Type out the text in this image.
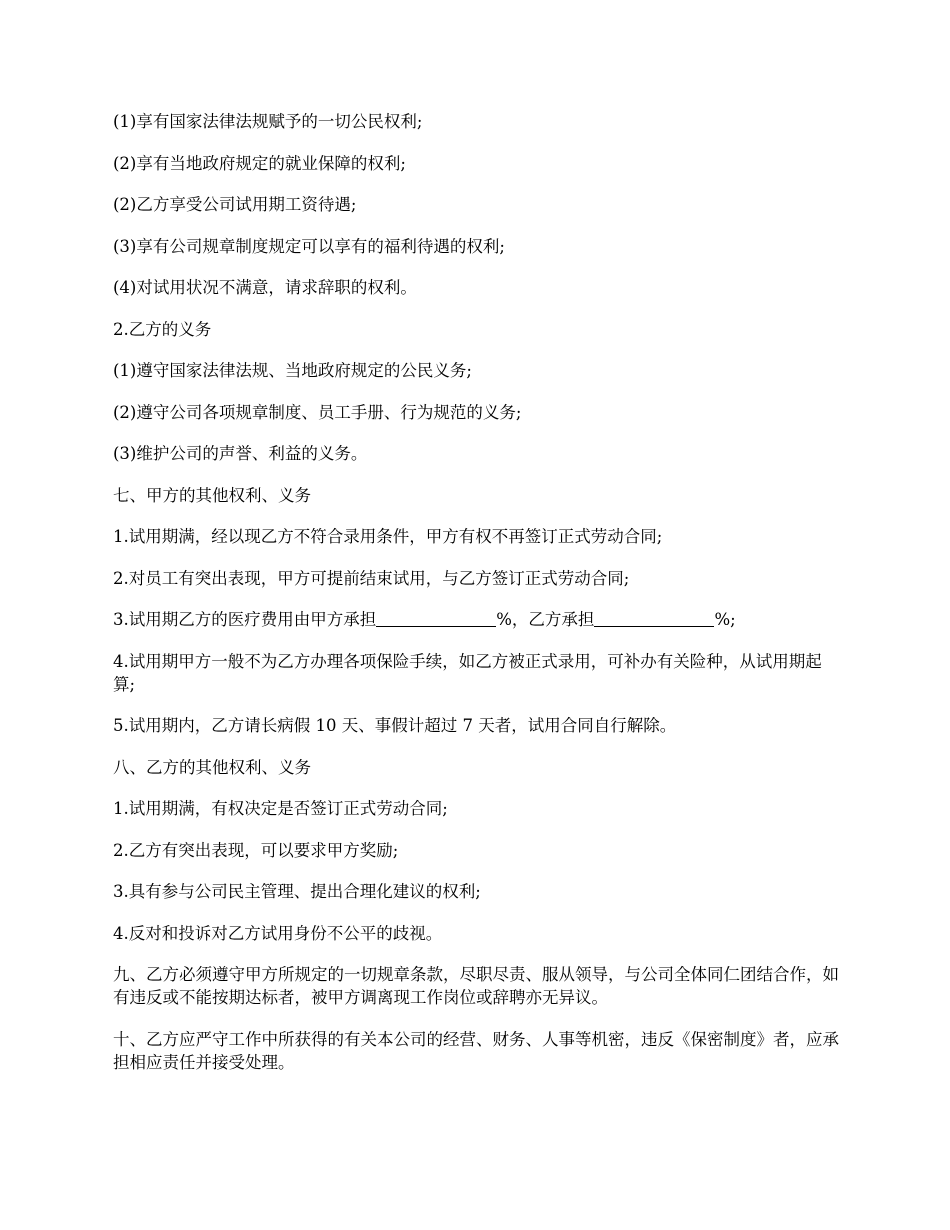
(1)享有国家法律法规赋予的一切公民权利;

(2)享有当地政府规定的就业保障的权利;

(2)乙方享受公司试用期工资待遇;

(3)享有公司规章制度规定可以享有的福利待遇的权利;

(4)对试用状况不满意，请求辞职的权利。

2.乙方的义务

(1)遵守国家法律法规、当地政府规定的公民义务;

(2)遵守公司各项规章制度、员工手册、行为规范的义务;

(3)维护公司的声誉、利益的义务。

七、甲方的其他权利、义务

1.试用期满，经以现乙方不符合录用条件，甲方有权不再签订正式劳动合同;

2.对员工有突出表现，甲方可提前结束试用，与乙方签订正式劳动合同;

3.试用期乙方的医疗费用由甲方承担	%，乙方承担	%;

4.试用期甲方一般不为乙方办理各项保险手续，如乙方被正式录用，可补办有关险种，从试用期起算;

5.试用期内，乙方请长病假 10 天、事假计超过 7 天者，试用合同自行解除。

八、乙方的其他权利、义务

1.试用期满，有权决定是否签订正式劳动合同;

2.乙方有突出表现，可以要求甲方奖励;

3.具有参与公司民主管理、提出合理化建议的权利;

4.反对和投诉对乙方试用身份不公平的歧视。

九、乙方必须遵守甲方所规定的一切规章条款，尽职尽责、服从领导，与公司全体同仁团结合作，如有违反或不能按期达标者，被甲方调离现工作岗位或辞聘亦无异议。

十、乙方应严守工作中所获得的有关本公司的经营、财务、人事等机密，违反《保密制度》者，应承担相应责任并接受处理。
